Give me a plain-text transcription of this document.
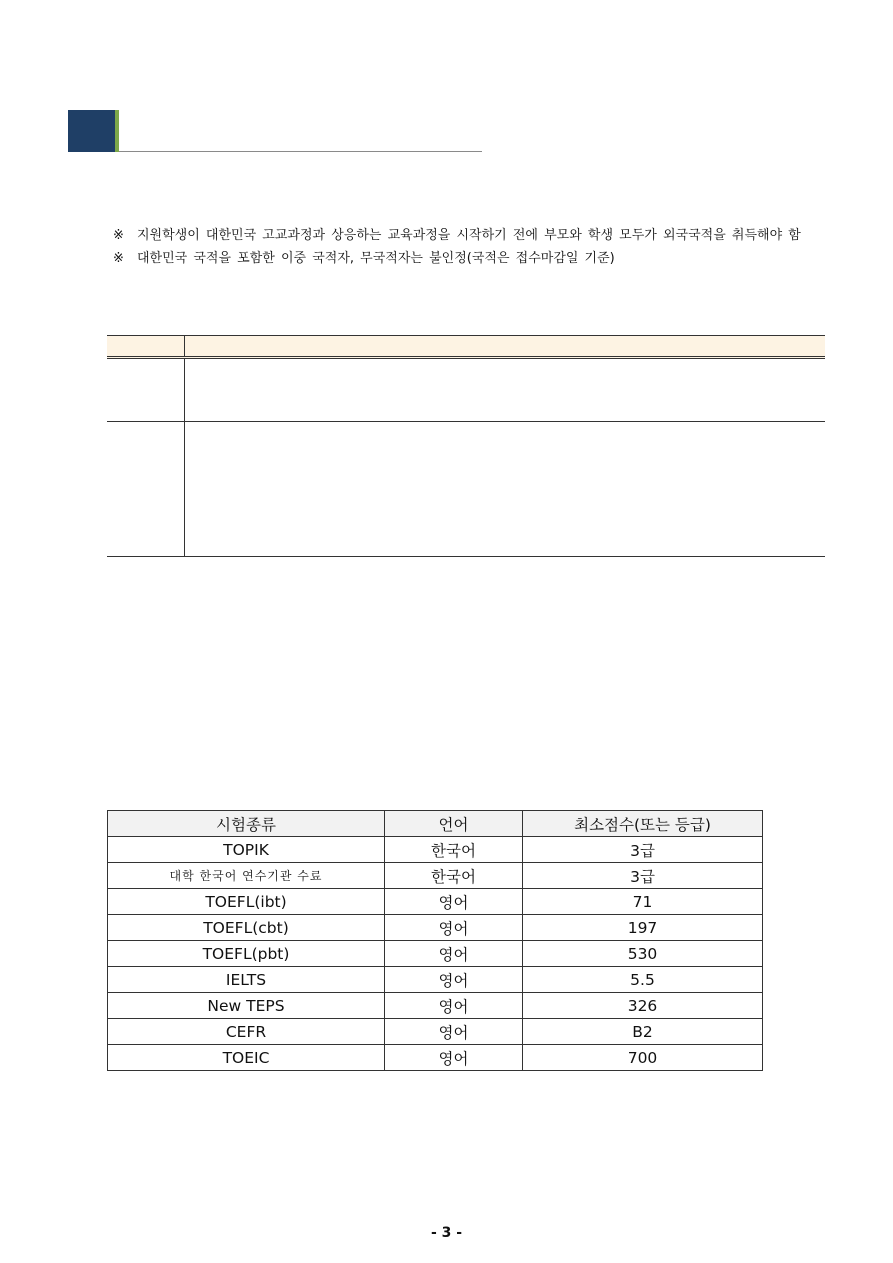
※	지원학생이 대한민국 고교과정과 상응하는 교육과정을 시작하기 전에 부모와 학생 모두가 외국국적을 취득해야 함
※	대한민국 국적을 포함한 이중 국적자, 무국적자는 불인정(국적은 접수마감일 기준)

시험종류	언어	최소점수(또는 등급)
TOPIK	한국어	3급
대학 한국어 연수기관 수료	한국어	3급
TOEFL(ibt)	영어	71
TOEFL(cbt)	영어	197
TOEFL(pbt)	영어	530
IELTS	영어	5.5
New TEPS	영어	326
CEFR	영어	B2
TOEIC	영어	700
- 3 -
